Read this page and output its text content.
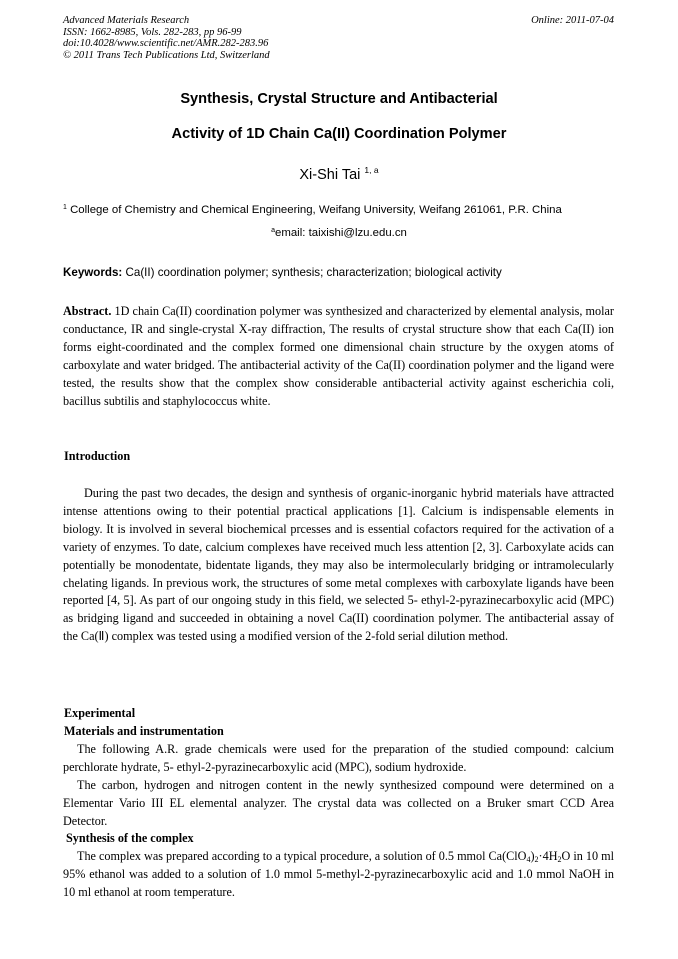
Advanced Materials Research
ISSN: 1662-8985, Vols. 282-283, pp 96-99
doi:10.4028/www.scientific.net/AMR.282-283.96
© 2011 Trans Tech Publications Ltd, Switzerland
Online: 2011-07-04
Synthesis, Crystal Structure and Antibacterial
Activity of 1D Chain Ca(II) Coordination Polymer
Xi-Shi Tai $^{1, a}$
$^1$ College of Chemistry and Chemical Engineering, Weifang University, Weifang 261061, P.R. China
$^a$email: taixishi@lzu.edu.cn
Keywords: Ca(II) coordination polymer; synthesis; characterization; biological activity
Abstract. 1D chain Ca(II) coordination polymer was synthesized and characterized by elemental analysis, molar conductance, IR and single-crystal X-ray diffraction, The results of crystal structure show that each Ca(II) ion forms eight-coordinated and the complex formed one dimensional chain structure by the oxygen atoms of carboxylate and water bridged. The antibacterial activity of the Ca(II) coordination polymer and the ligand were tested, the results show that the complex show considerable antibacterial activity against escherichia coli, bacillus subtilis and staphylococcus white.
Introduction
During the past two decades, the design and synthesis of organic-inorganic hybrid materials have attracted intense attentions owing to their potential practical applications [1]. Calcium is indispensable elements in biology. It is involved in several biochemical prcesses and is essential cofactors required for the activation of a variety of enzymes. To date, calcium complexes have received much less attention [2, 3]. Carboxylate acids can potentially be monodentate, bidentate ligands, they may also be intermolecularly bridging or intramolecularly chelating ligands. In previous work, the structures of some metal complexes with carboxylate ligands have been reported [4, 5]. As part of our ongoing study in this field, we selected 5- ethyl-2-pyrazinecarboxylic acid (MPC) as bridging ligand and succeeded in obtaining a novel Ca(II) coordination polymer. The antibacterial assay of the Ca(Ⅱ) complex was tested using a modified version of the 2-fold serial dilution method.
Experimental
Materials and instrumentation
The following A.R. grade chemicals were used for the preparation of the studied compound: calcium perchlorate hydrate, 5- ethyl-2-pyrazinecarboxylic acid (MPC), sodium hydroxide.
The carbon, hydrogen and nitrogen content in the newly synthesized compound were determined on a Elementar Vario III EL elemental analyzer. The crystal data was collected on a Bruker smart CCD Area Detector.
Synthesis of the complex
The complex was prepared according to a typical procedure, a solution of 0.5 mmol $Ca(ClO_4)_2\cdot 4H_2O$ in 10 ml 95% ethanol was added to a solution of 1.0 mmol 5-methyl-2-pyrazinecarboxylic acid and 1.0 mmol NaOH in 10 ml ethanol at room temperature.
